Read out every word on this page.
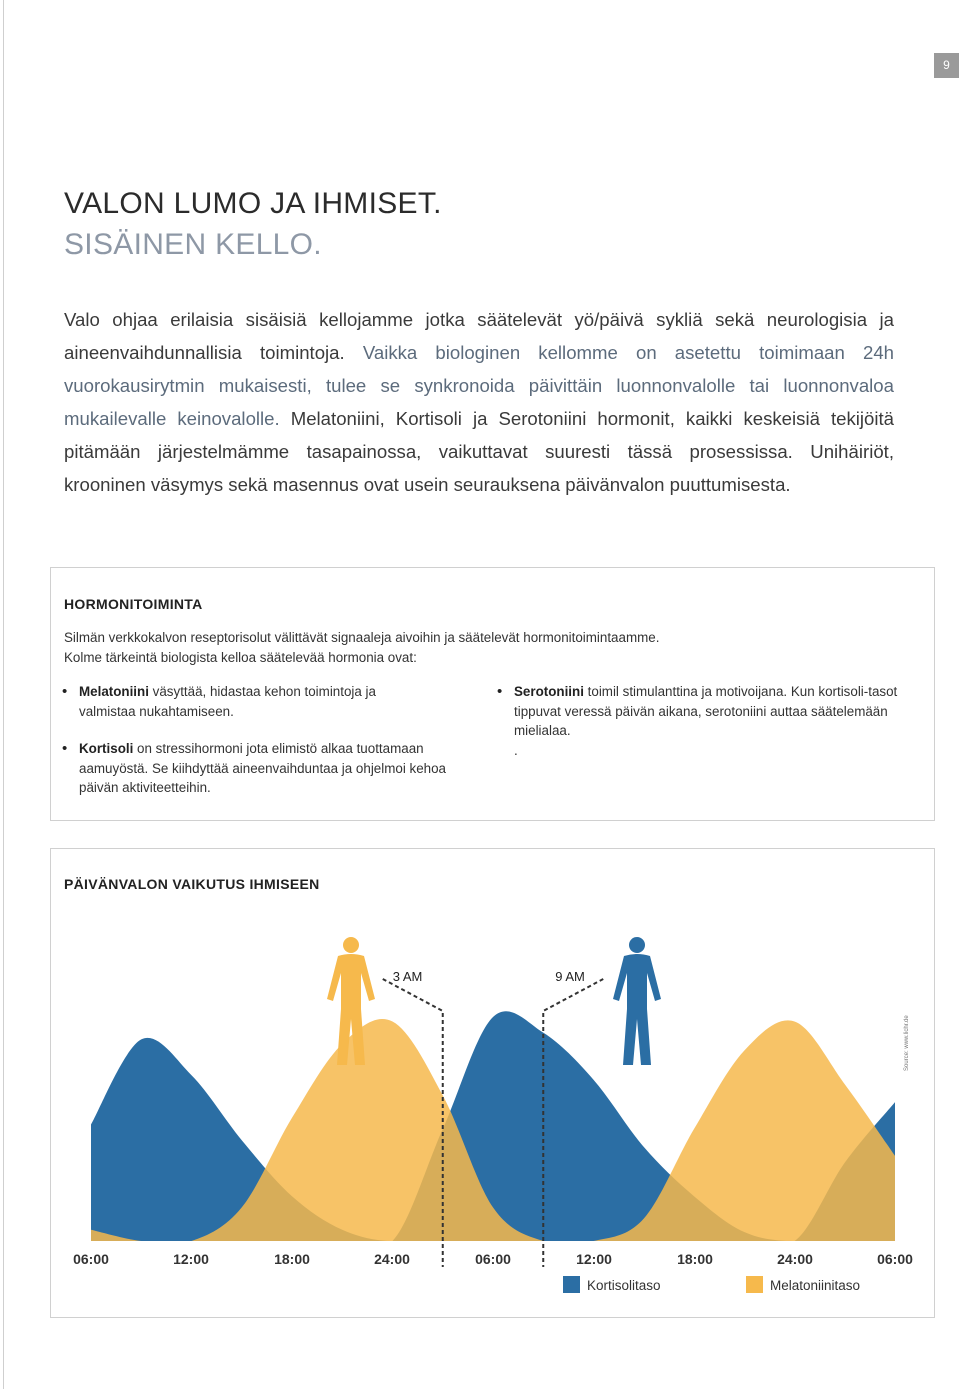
9
VALON LUMO JA IHMISET.
SISÄINEN KELLO.

Valo ohjaa erilaisia sisäisiä kellojamme jotka säätelevät yö/päivä sykliä sekä neurologisia ja aineenvaihdunnallisia toimintoja. Vaikka biologinen kellomme on asetettu toimimaan 24h vuorokausirytmin mukaisesti, tulee se synkronoida päivittäin luonnonvalolle tai luonnonvaloa mukailevalle keinovalolle. Melatoniini, Kortisoli ja Serotoniini hormonit, kaikki keskeisiä tekijöitä pitämään järjestelmämme tasapainossa, vaikuttavat suuresti tässä prosessissa. Unihäiriöt, krooninen väsymys sekä masennus ovat usein seurauksena päivänvalon puuttumisesta.

HORMONITOIMINTA

Silmän verkkokalvon reseptorisolut välittävät signaaleja aivoihin ja säätelevät hormonitoimintaamme.
Kolme tärkeintä biologista kelloa säätelevää hormonia ovat:

• Melatoniini väsyttää, hidastaa kehon toimintoja ja valmistaa nukahtamiseen.
• Kortisoli on stressihormoni jota elimistö alkaa tuottamaan aamuyöstä. Se kiihdyttää aineenvaihduntaa ja ohjelmoi kehoa päivän aktiviteetteihin.
• Serotoniini toimil stimulanttina ja motivoijana. Kun kortisoli-tasot tippuvat veressä päivän aikana, serotoniini auttaa säätelemään mielialaa.
.
PÄIVÄNVALON VAIKUTUS IHMISEEN
3 AM	9 AM
06:00	12:00	18:00	24:00	06:00	12:00	18:00	24:00	06:00
Kortisolitaso	Melatoniinitaso
Source: www.lichr.de
